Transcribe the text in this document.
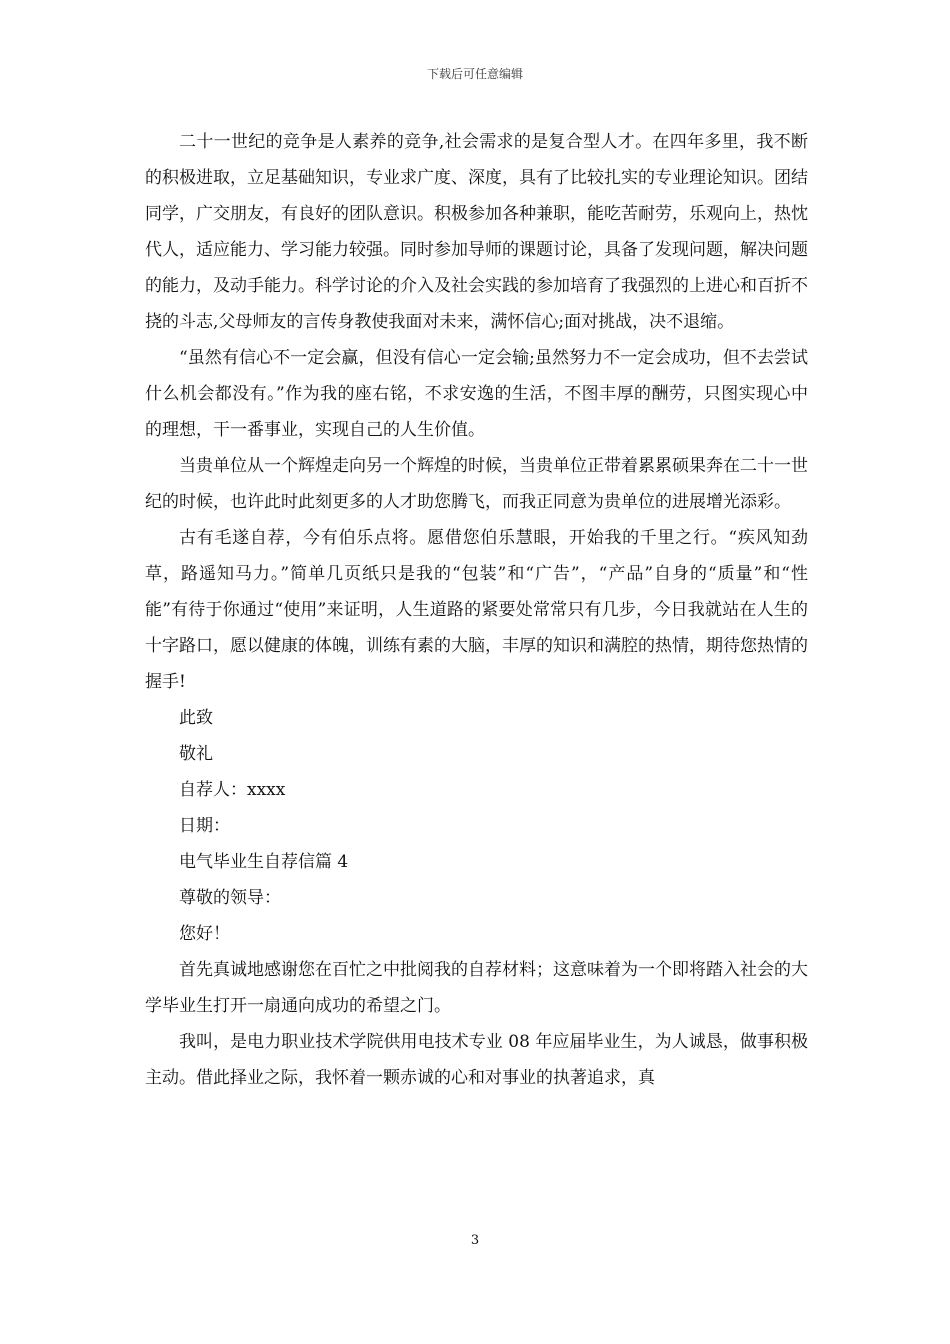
下载后可任意编辑

二十一世纪的竞争是人素养的竞争,社会需求的是复合型人才。在四年多里，我不断的积极进取，立足基础知识，专业求广度、深度，具有了比较扎实的专业理论知识。团结同学，广交朋友，有良好的团队意识。积极参加各种兼职，能吃苦耐劳，乐观向上，热忱代人，适应能力、学习能力较强。同时参加导师的课题讨论，具备了发现问题，解决问题的能力，及动手能力。科学讨论的介入及社会实践的参加培育了我强烈的上进心和百折不挠的斗志,父母师友的言传身教使我面对未来，满怀信心;面对挑战，决不退缩。

“虽然有信心不一定会赢，但没有信心一定会输;虽然努力不一定会成功，但不去尝试什么机会都没有。”作为我的座右铭，不求安逸的生活，不图丰厚的酬劳，只图实现心中的理想，干一番事业，实现自己的人生价值。

当贵单位从一个辉煌走向另一个辉煌的时候，当贵单位正带着累累硕果奔在二十一世纪的时候，也许此时此刻更多的人才助您腾飞，而我正同意为贵单位的进展增光添彩。

古有毛遂自荐，今有伯乐点将。愿借您伯乐慧眼，开始我的千里之行。“疾风知劲草，路遥知马力。”简单几页纸只是我的“包装”和“广告”，“产品”自身的“质量”和“性能”有待于你通过“使用”来证明，人生道路的紧要处常常只有几步，今日我就站在人生的十字路口，愿以健康的体魄，训练有素的大脑，丰厚的知识和满腔的热情，期待您热情的握手!

此致

敬礼

自荐人：xxxx

日期：

电气毕业生自荐信篇 4

尊敬的领导：

您好！

首先真诚地感谢您在百忙之中批阅我的自荐材料；这意味着为一个即将踏入社会的大学毕业生打开一扇通向成功的希望之门。

我叫，是电力职业技术学院供用电技术专业 08 年应届毕业生，为人诚恳，做事积极主动。借此择业之际，我怀着一颗赤诚的心和对事业的执著追求，真

3
